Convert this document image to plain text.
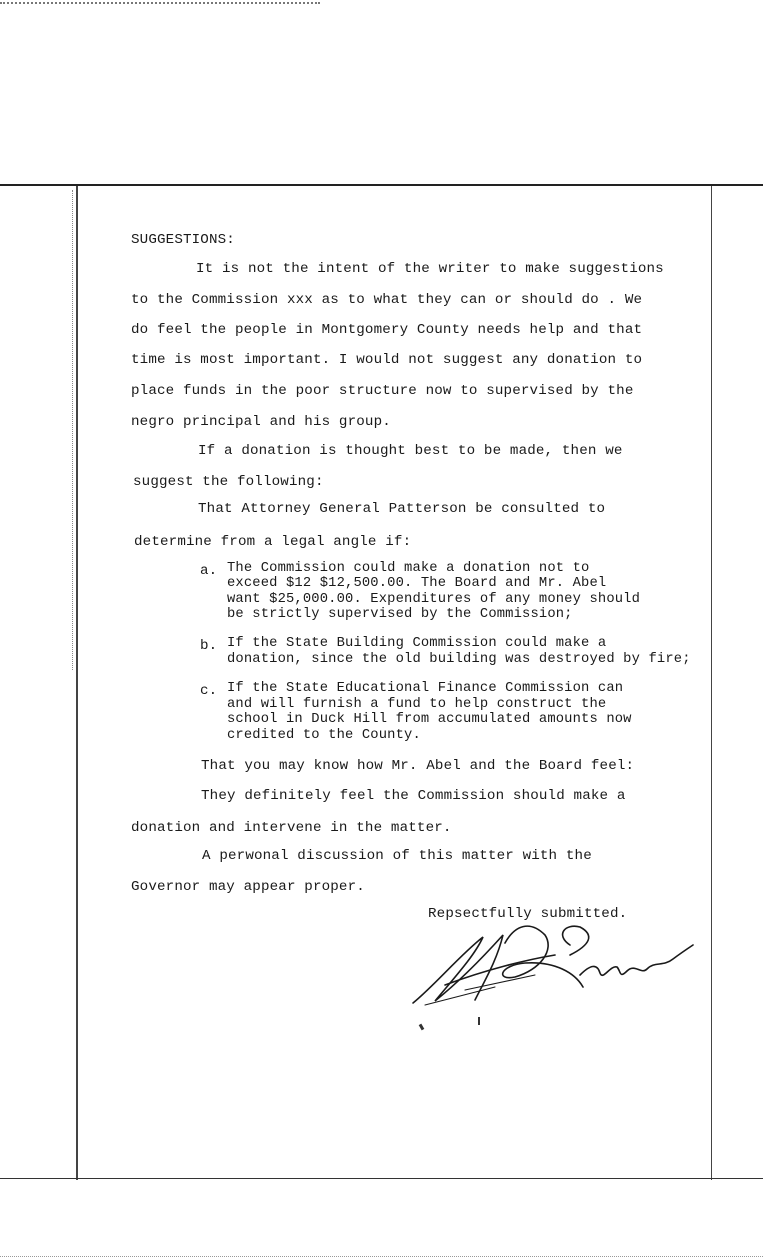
SUGGESTIONS:
It is not the intent of the writer to make suggestions
to the Commission xxx as to what they can or should do . We
do feel the people in Montgomery County needs help and that
time is most important. I would not suggest any donation to
place funds in the poor structure now to supervised by the
negro principal and his group.
If a donation is thought best to be made, then we
suggest the following:
That Attorney General Patterson be consulted to
determine from a legal angle if:
a. The Commission could make a donation not to
exceed $12 $12,500.00. The Board and Mr. Abel
want $25,000.00. Expenditures of any money should
be strictly supervised by the Commission;
b. If the State Building Commission could make a
donation, since the old building was destroyed by fire;
c. If the State Educational Finance Commission can
and will furnish a fund to help construct the
school in Duck Hill from accumulated amounts now
credited to the County.
That you may know how Mr. Abel and the Board feel:
They definitely feel the Commission should make a
donation and intervene in the matter.
A perwonal discussion of this matter with the
Governor may appear proper.
Repsectfully submitted.
